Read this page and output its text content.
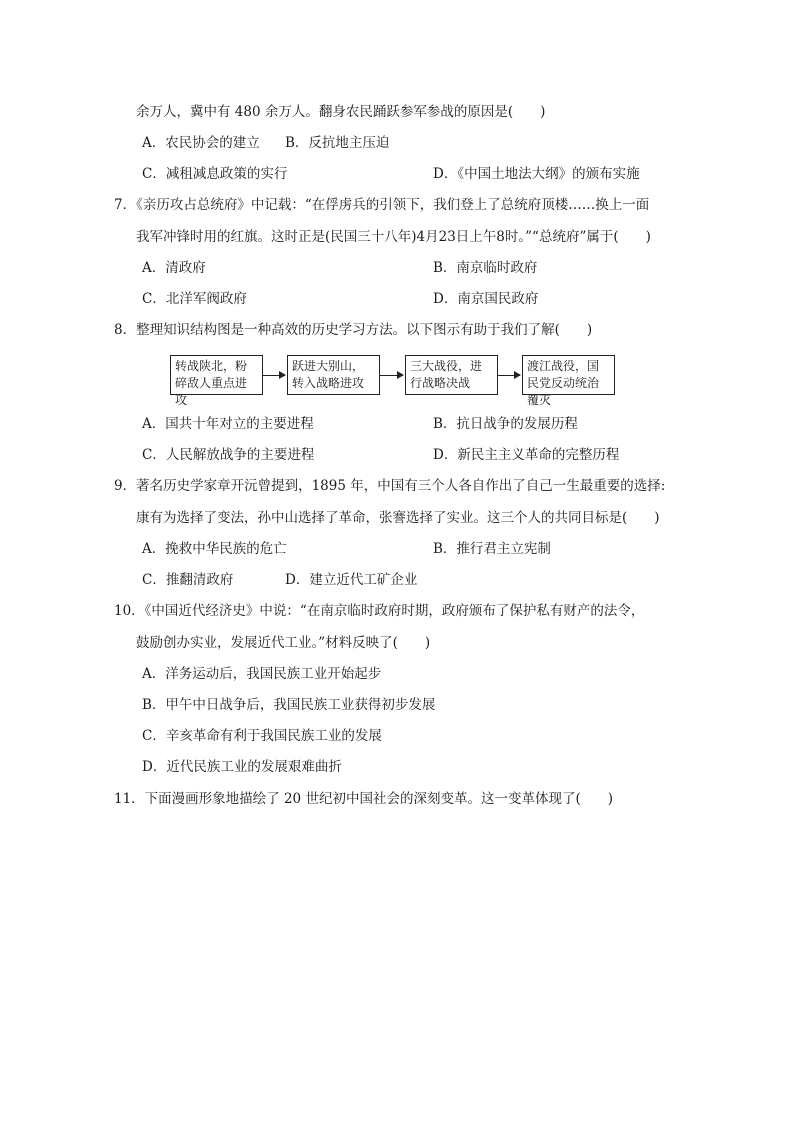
余万人，冀中有 480 余万人。翻身农民踊跃参军参战的原因是(　　)
A．农民协会的建立 B．反抗地主压迫
C．减租减息政策的实行	D．《中国土地法大纲》的颁布实施
7．《亲历攻占总统府》中记载：“在俘虏兵的引领下，我们登上了总统府顶楼……换上一面
我军冲锋时用的红旗。这时正是(民国三十八年)4月23日上午8时。”“总统府”属于(　　)
A．清政府	B．南京临时政府
C．北洋军阀政府	D．南京国民政府
8．整理知识结构图是一种高效的历史学习方法。以下图示有助于我们了解(　　)
转战陕北，粉碎敌人重点进攻
跃进大别山，转入战略进攻
三大战役，进行战略决战
渡江战役，国民党反动统治覆灭
A．国共十年对立的主要进程	B．抗日战争的发展历程
C．人民解放战争的主要进程	D．新民主主义革命的完整历程
9．著名历史学家章开沅曾提到，1895 年，中国有三个人各自作出了自己一生最重要的选择:
康有为选择了变法，孙中山选择了革命，张謇选择了实业。这三个人的共同目标是(　　)
A．挽救中华民族的危亡	B．推行君主立宪制
C．推翻清政府	D．建立近代工矿企业
10．《中国近代经济史》中说：“在南京临时政府时期，政府颁布了保护私有财产的法令，
鼓励创办实业，发展近代工业。”材料反映了(　　)
A．洋务运动后，我国民族工业开始起步
B．甲午中日战争后，我国民族工业获得初步发展
C．辛亥革命有利于我国民族工业的发展
D．近代民族工业的发展艰难曲折
11．下面漫画形象地描绘了 20 世纪初中国社会的深刻变革。这一变革体现了(　　)
